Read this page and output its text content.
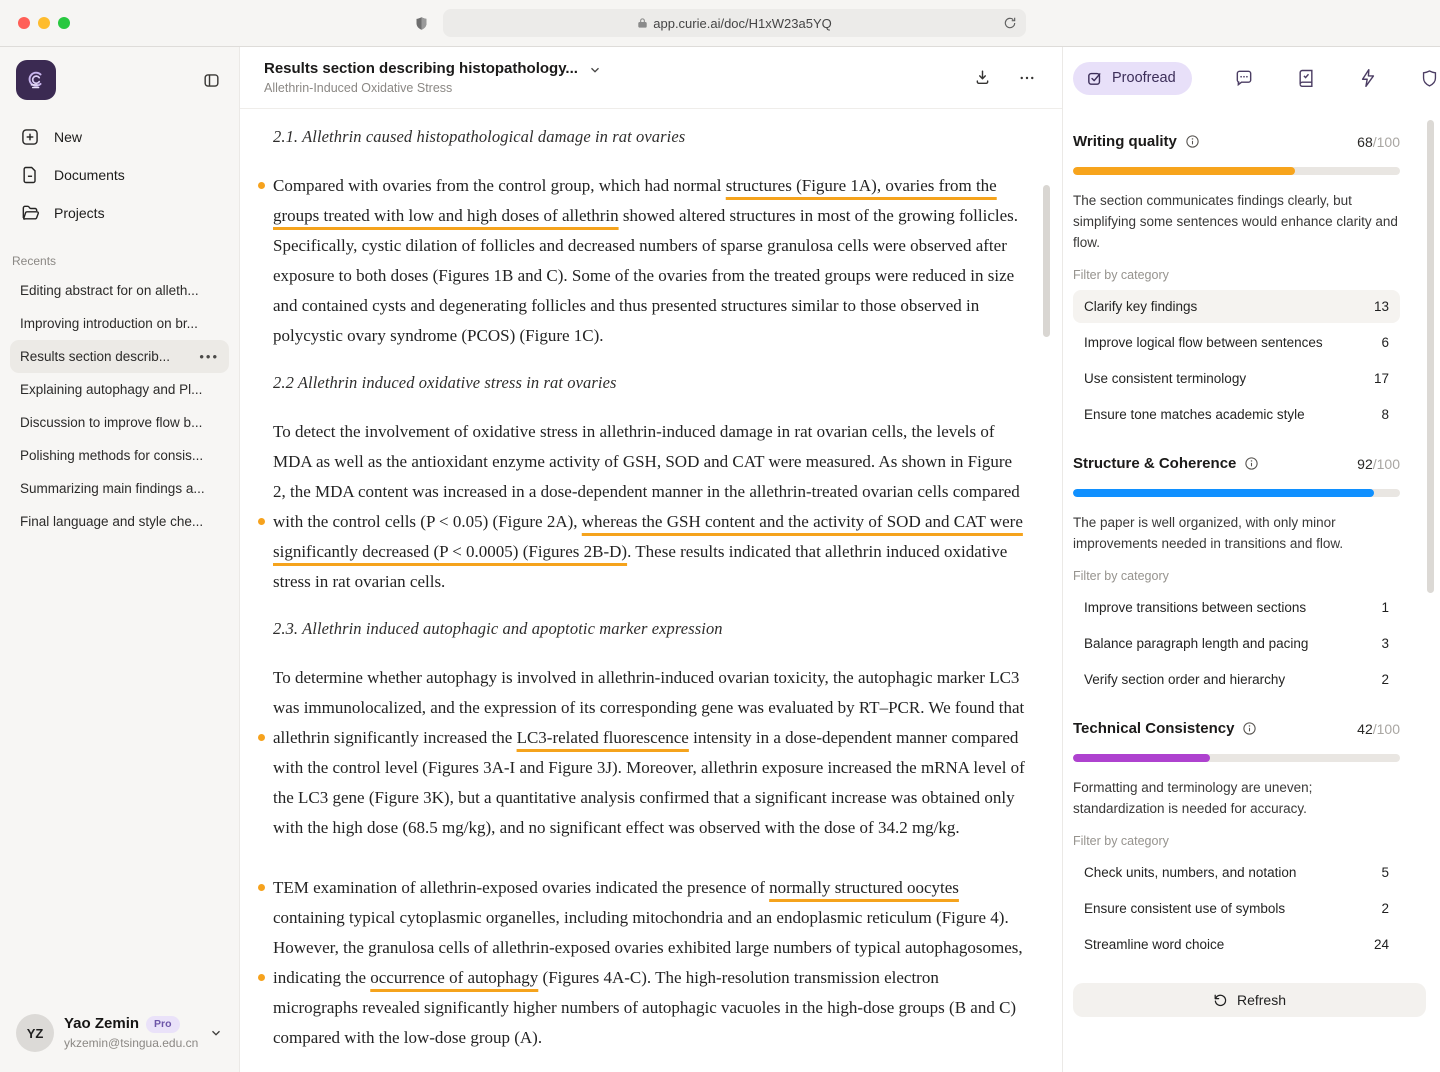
app.curie.ai/doc/H1xW23a5YQ
New
Documents
Projects
Recents
Editing abstract for on alleth...
Improving introduction on br...
Results section describ... •••
Explaining autophagy and Pl...
Discussion to improve flow b...
Polishing methods for consis...
Summarizing main findings a...
Final language and style che...
YZ
Yao Zemin	Pro
ykzemin@tsingua.edu.cn
Results section describing histopathology...
Allethrin-Induced Oxidative Stress
2.1. Allethrin caused histopathological damage in rat ovaries
Compared with ovaries from the control group, which had normal structures (Figure 1A), ovaries from the groups treated with low and high doses of allethrin showed altered structures in most of the growing follicles. Specifically, cystic dilation of follicles and decreased numbers of sparse granulosa cells were observed after exposure to both doses (Figures 1B and C). Some of the ovaries from the treated groups were reduced in size and contained cysts and degenerating follicles and thus presented structures similar to those observed in polycystic ovary syndrome (PCOS) (Figure 1C).
2.2 Allethrin induced oxidative stress in rat ovaries
To detect the involvement of oxidative stress in allethrin-induced damage in rat ovarian cells, the levels of MDA as well as the antioxidant enzyme activity of GSH, SOD and CAT were measured. As shown in Figure 2, the MDA content was increased in a dose-dependent manner in the allethrin-treated ovarian cells compared with the control cells (P < 0.05) (Figure 2A), whereas the GSH content and the activity of SOD and CAT were significantly decreased (P < 0.0005) (Figures 2B-D). These results indicated that allethrin induced oxidative stress in rat ovarian cells.
2.3. Allethrin induced autophagic and apoptotic marker expression
To determine whether autophagy is involved in allethrin-induced ovarian toxicity, the autophagic marker LC3 was immunolocalized, and the expression of its corresponding gene was evaluated by RT–PCR. We found that allethrin significantly increased the LC3-related fluorescence intensity in a dose-dependent manner compared with the control level (Figures 3A-I and Figure 3J). Moreover, allethrin exposure increased the mRNA level of the LC3 gene (Figure 3K), but a quantitative analysis confirmed that a significant increase was obtained only with the high dose (68.5 mg/kg), and no significant effect was observed with the dose of 34.2 mg/kg.
TEM examination of allethrin-exposed ovaries indicated the presence of normally structured oocytes containing typical cytoplasmic organelles, including mitochondria and an endoplasmic reticulum (Figure 4). However, the granulosa cells of allethrin-exposed ovaries exhibited large numbers of typical autophagosomes, indicating the occurrence of autophagy (Figures 4A-C). The high-resolution transmission electron micrographs revealed significantly higher numbers of autophagic vacuoles in the high-dose groups (B and C) compared with the low-dose group (A).
Proofread
Writing quality	68/100
The section communicates findings clearly, but simplifying some sentences would enhance clarity and flow.
Filter by category
Clarify key findings	13
Improve logical flow between sentences	6
Use consistent terminology	17
Ensure tone matches academic style	8
Structure & Coherence	92/100
The paper is well organized, with only minor improvements needed in transitions and flow.
Filter by category
Improve transitions between sections	1
Balance paragraph length and pacing	3
Verify section order and hierarchy	2
Technical Consistency	42/100
Formatting and terminology are uneven; standardization is needed for accuracy.
Filter by category
Check units, numbers, and notation	5
Ensure consistent use of symbols	2
Streamline word choice	24
Refresh
